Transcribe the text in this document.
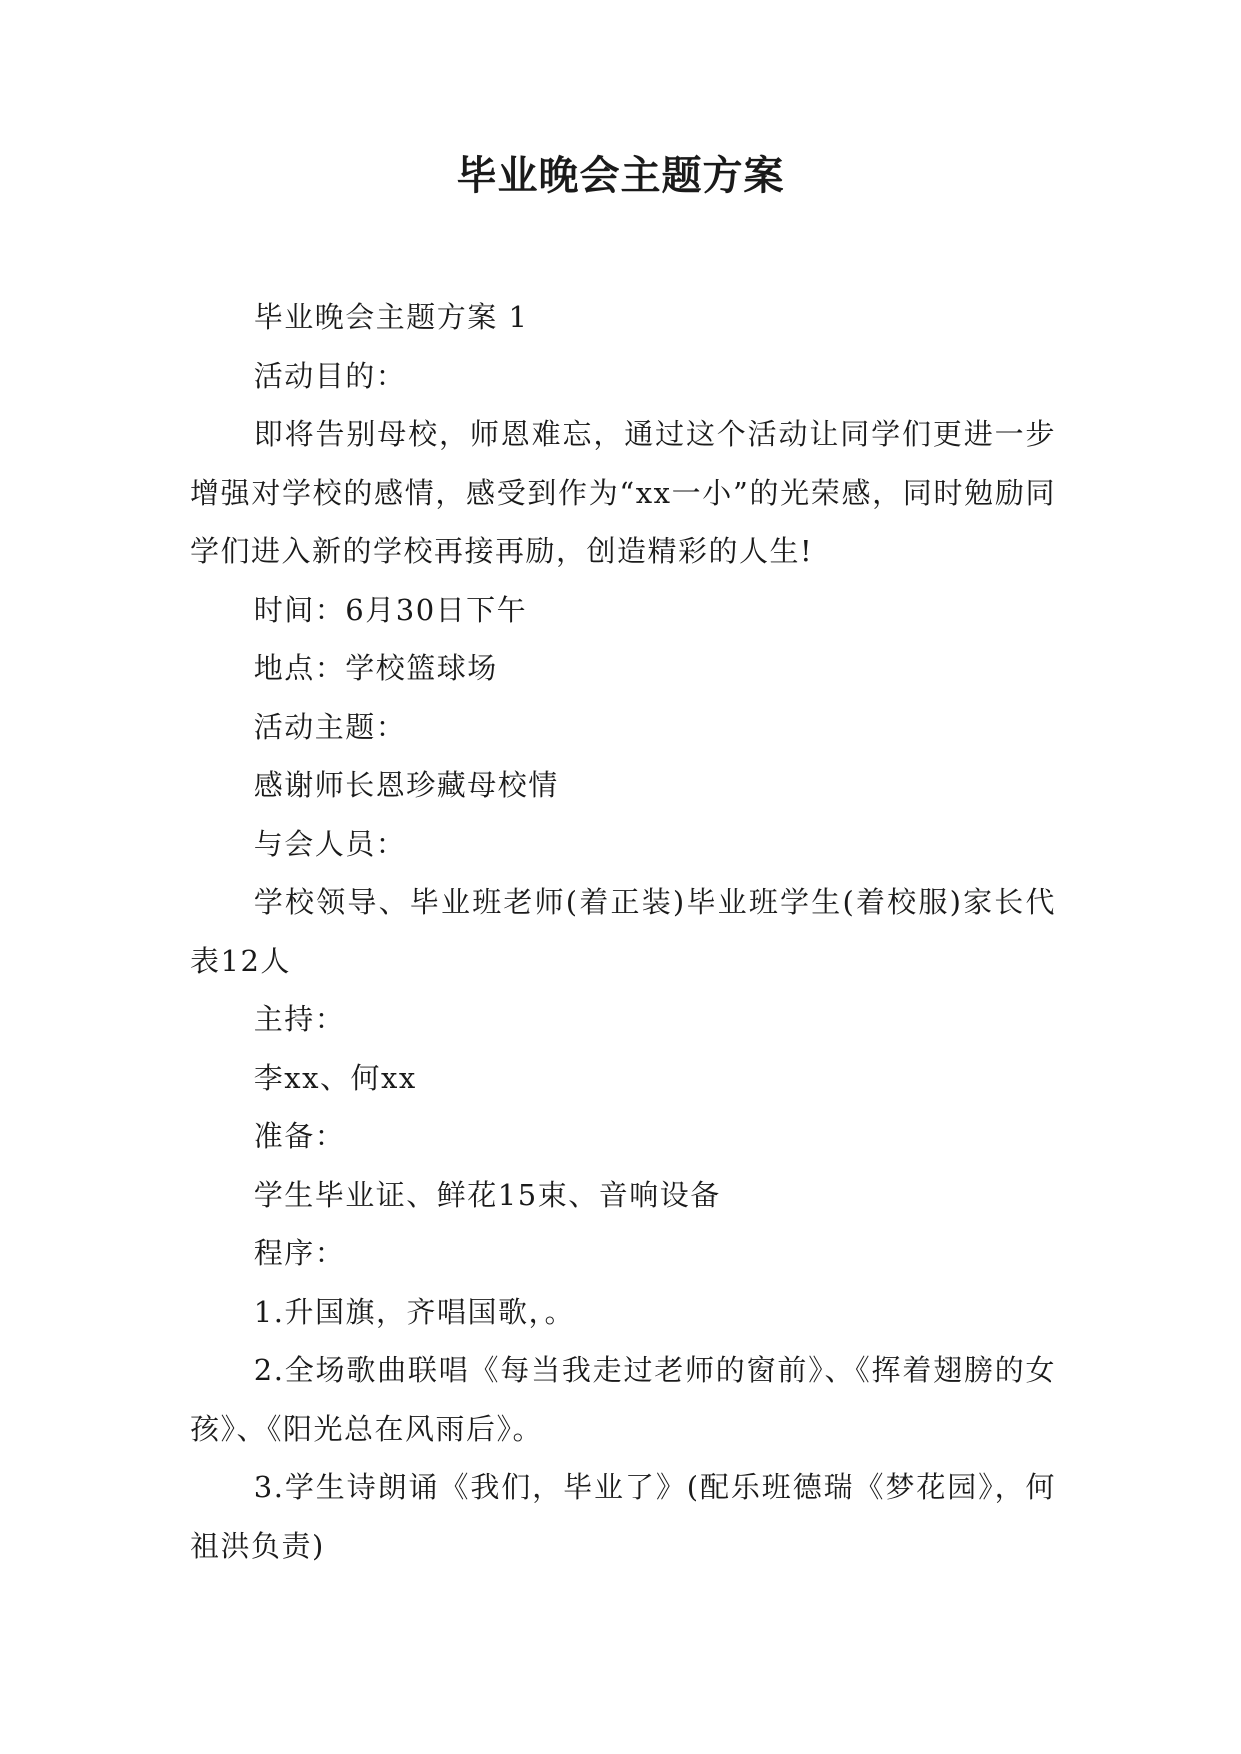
毕业晚会主题方案

毕业晚会主题方案 1

活动目的：

即将告别母校，师恩难忘，通过这个活动让同学们更进一步增强对学校的感情，感受到作为“xx一小”的光荣感，同时勉励同学们进入新的学校再接再励，创造精彩的人生!

时间：6月30日下午

地点：学校篮球场

活动主题：

感谢师长恩珍藏母校情

与会人员：

学校领导、毕业班老师(着正装)毕业班学生(着校服)家长代表12人

主持：

李xx、何xx

准备：

学生毕业证、鲜花15束、音响设备

程序：

1.升国旗，齐唱国歌，。

2.全场歌曲联唱《每当我走过老师的窗前》、《挥着翅膀的女孩》、《阳光总在风雨后》。

3.学生诗朗诵《我们，毕业了》(配乐班德瑞《梦花园》，何祖洪负责)
